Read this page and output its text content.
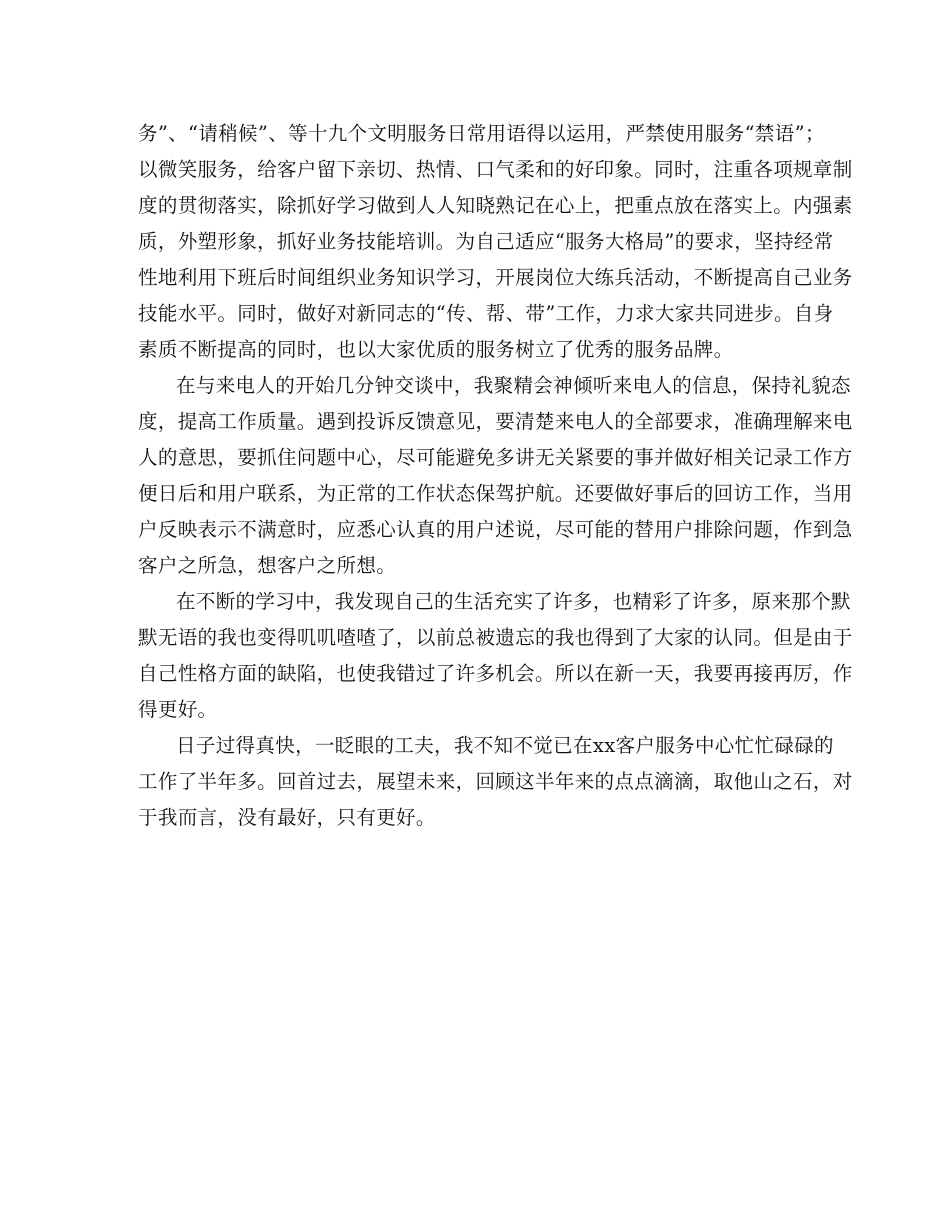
务”、“请稍候”、等十九个文明服务日常用语得以运用，严禁使用服务“禁语”；
以微笑服务，给客户留下亲切、热情、口气柔和的好印象。同时，注重各项规章制
度的贯彻落实，除抓好学习做到人人知晓熟记在心上，把重点放在落实上。内强素
质，外塑形象，抓好业务技能培训。为自己适应“服务大格局”的要求，坚持经常
性地利用下班后时间组织业务知识学习，开展岗位大练兵活动，不断提高自己业务
技能水平。同时，做好对新同志的“传、帮、带”工作，力求大家共同进步。自身
素质不断提高的同时，也以大家优质的服务树立了优秀的服务品牌。
在与来电人的开始几分钟交谈中，我聚精会神倾听来电人的信息，保持礼貌态
度，提高工作质量。遇到投诉反馈意见，要清楚来电人的全部要求，准确理解来电
人的意思，要抓住问题中心，尽可能避免多讲无关紧要的事并做好相关记录工作方
便日后和用户联系，为正常的工作状态保驾护航。还要做好事后的回访工作，当用
户反映表示不满意时，应悉心认真的用户述说，尽可能的替用户排除问题，作到急
客户之所急，想客户之所想。
在不断的学习中，我发现自己的生活充实了许多，也精彩了许多，原来那个默
默无语的我也变得叽叽喳喳了，以前总被遗忘的我也得到了大家的认同。但是由于
自己性格方面的缺陷，也使我错过了许多机会。所以在新一天，我要再接再厉，作
得更好。
日子过得真快，一眨眼的工夫，我不知不觉已在xx客户服务中心忙忙碌碌的
工作了半年多。回首过去，展望未来，回顾这半年来的点点滴滴，取他山之石，对
于我而言，没有最好，只有更好。
